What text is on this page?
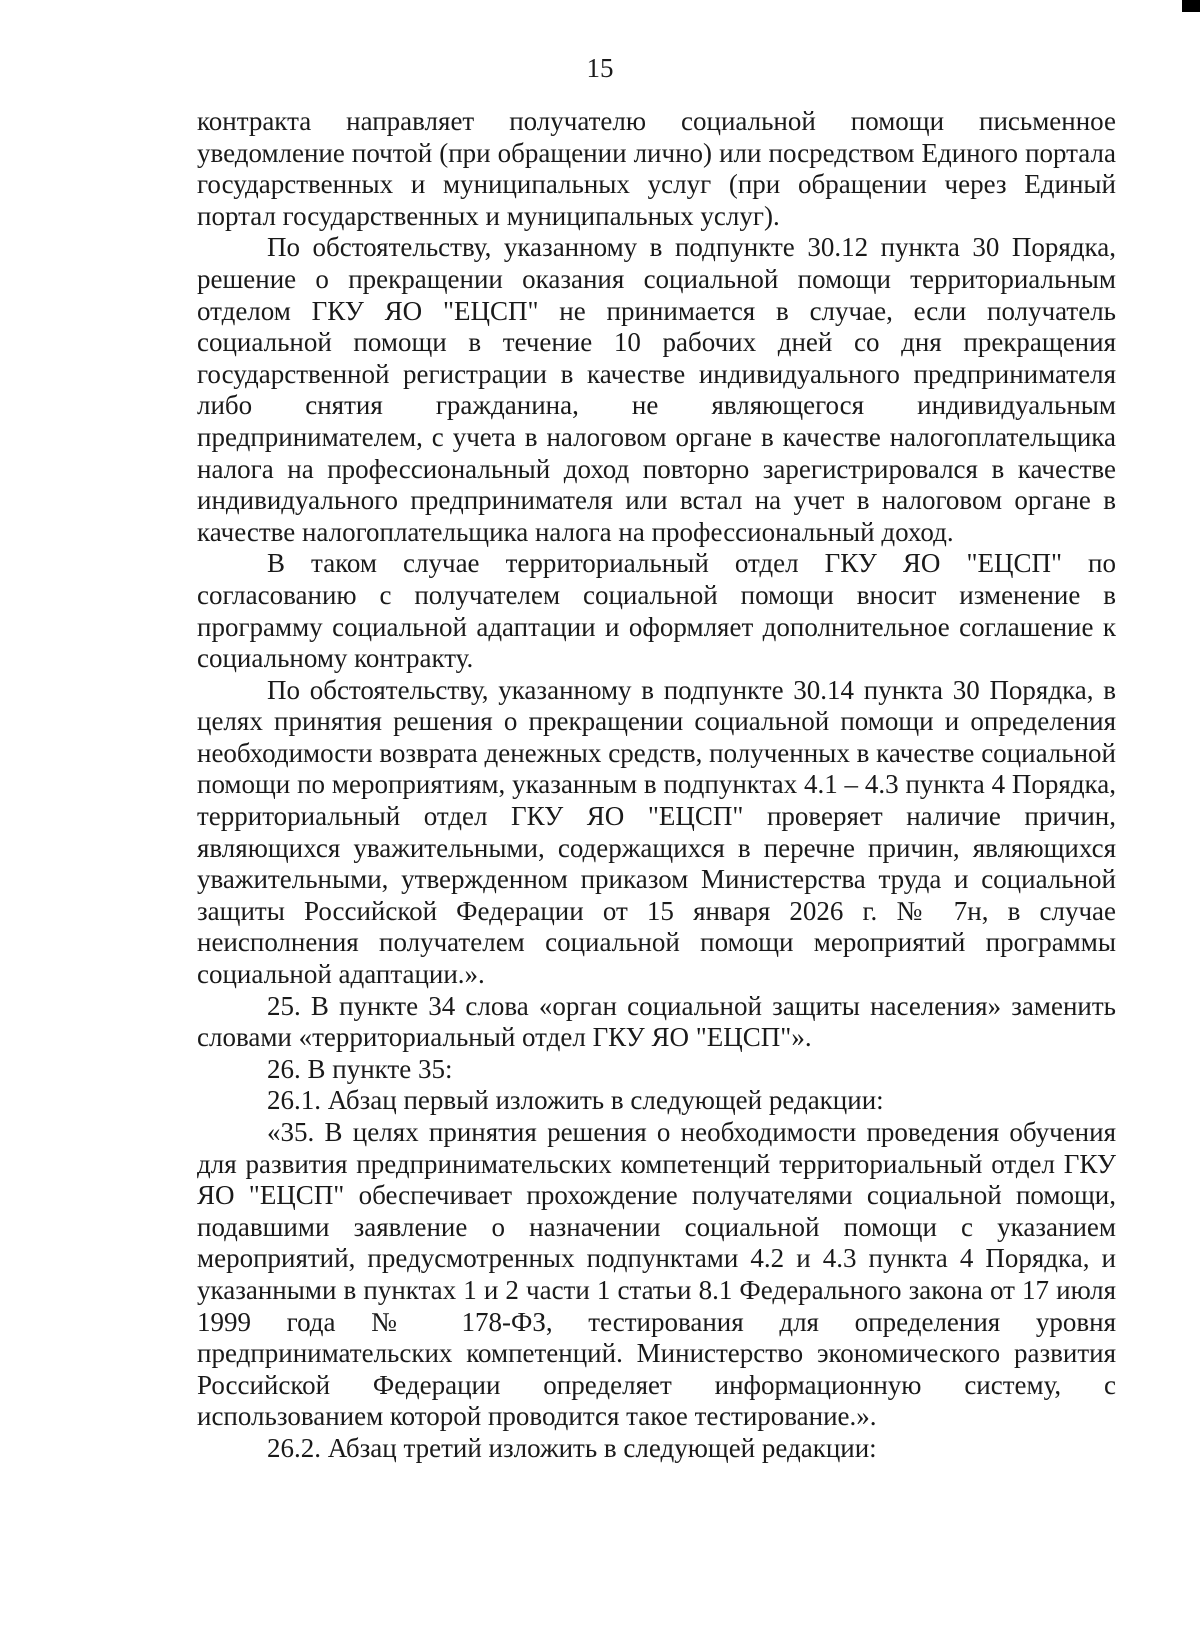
15

контракта направляет получателю социальной помощи письменное уведомление почтой (при обращении лично) или посредством Единого портала государственных и муниципальных услуг (при обращении через Единый портал государственных и муниципальных услуг).

По обстоятельству, указанному в подпункте 30.12 пункта 30 Порядка, решение о прекращении оказания социальной помощи территориальным отделом ГКУ ЯО "ЕЦСП" не принимается в случае, если получатель социальной помощи в течение 10 рабочих дней со дня прекращения государственной регистрации в качестве индивидуального предпринимателя либо снятия гражданина, не являющегося индивидуальным предпринимателем, с учета в налоговом органе в качестве налогоплательщика налога на профессиональный доход повторно зарегистрировался в качестве индивидуального предпринимателя или встал на учет в налоговом органе в качестве налогоплательщика налога на профессиональный доход.

В таком случае территориальный отдел ГКУ ЯО "ЕЦСП" по согласованию с получателем социальной помощи вносит изменение в программу социальной адаптации и оформляет дополнительное соглашение к социальному контракту.

По обстоятельству, указанному в подпункте 30.14 пункта 30 Порядка, в целях принятия решения о прекращении социальной помощи и определения необходимости возврата денежных средств, полученных в качестве социальной помощи по мероприятиям, указанным в подпунктах 4.1 – 4.3 пункта 4 Порядка, территориальный отдел ГКУ ЯО "ЕЦСП" проверяет наличие причин, являющихся уважительными, содержащихся в перечне причин, являющихся уважительными, утвержденном приказом Министерства труда и социальной защиты Российской Федерации от 15 января 2026 г. № 7н, в случае неисполнения получателем социальной помощи мероприятий программы социальной адаптации.».

25. В пункте 34 слова «орган социальной защиты населения» заменить словами «территориальный отдел ГКУ ЯО "ЕЦСП"».

26. В пункте 35:

26.1. Абзац первый изложить в следующей редакции:

«35. В целях принятия решения о необходимости проведения обучения для развития предпринимательских компетенций территориальный отдел ГКУ ЯО "ЕЦСП" обеспечивает прохождение получателями социальной помощи, подавшими заявление о назначении социальной помощи с указанием мероприятий, предусмотренных подпунктами 4.2 и 4.3 пункта 4 Порядка, и указанными в пунктах 1 и 2 части 1 статьи 8.1 Федерального закона от 17 июля 1999 года № 178-ФЗ, тестирования для определения уровня предпринимательских компетенций. Министерство экономического развития Российской Федерации определяет информационную систему, с использованием которой проводится такое тестирование.».

26.2. Абзац третий изложить в следующей редакции:
